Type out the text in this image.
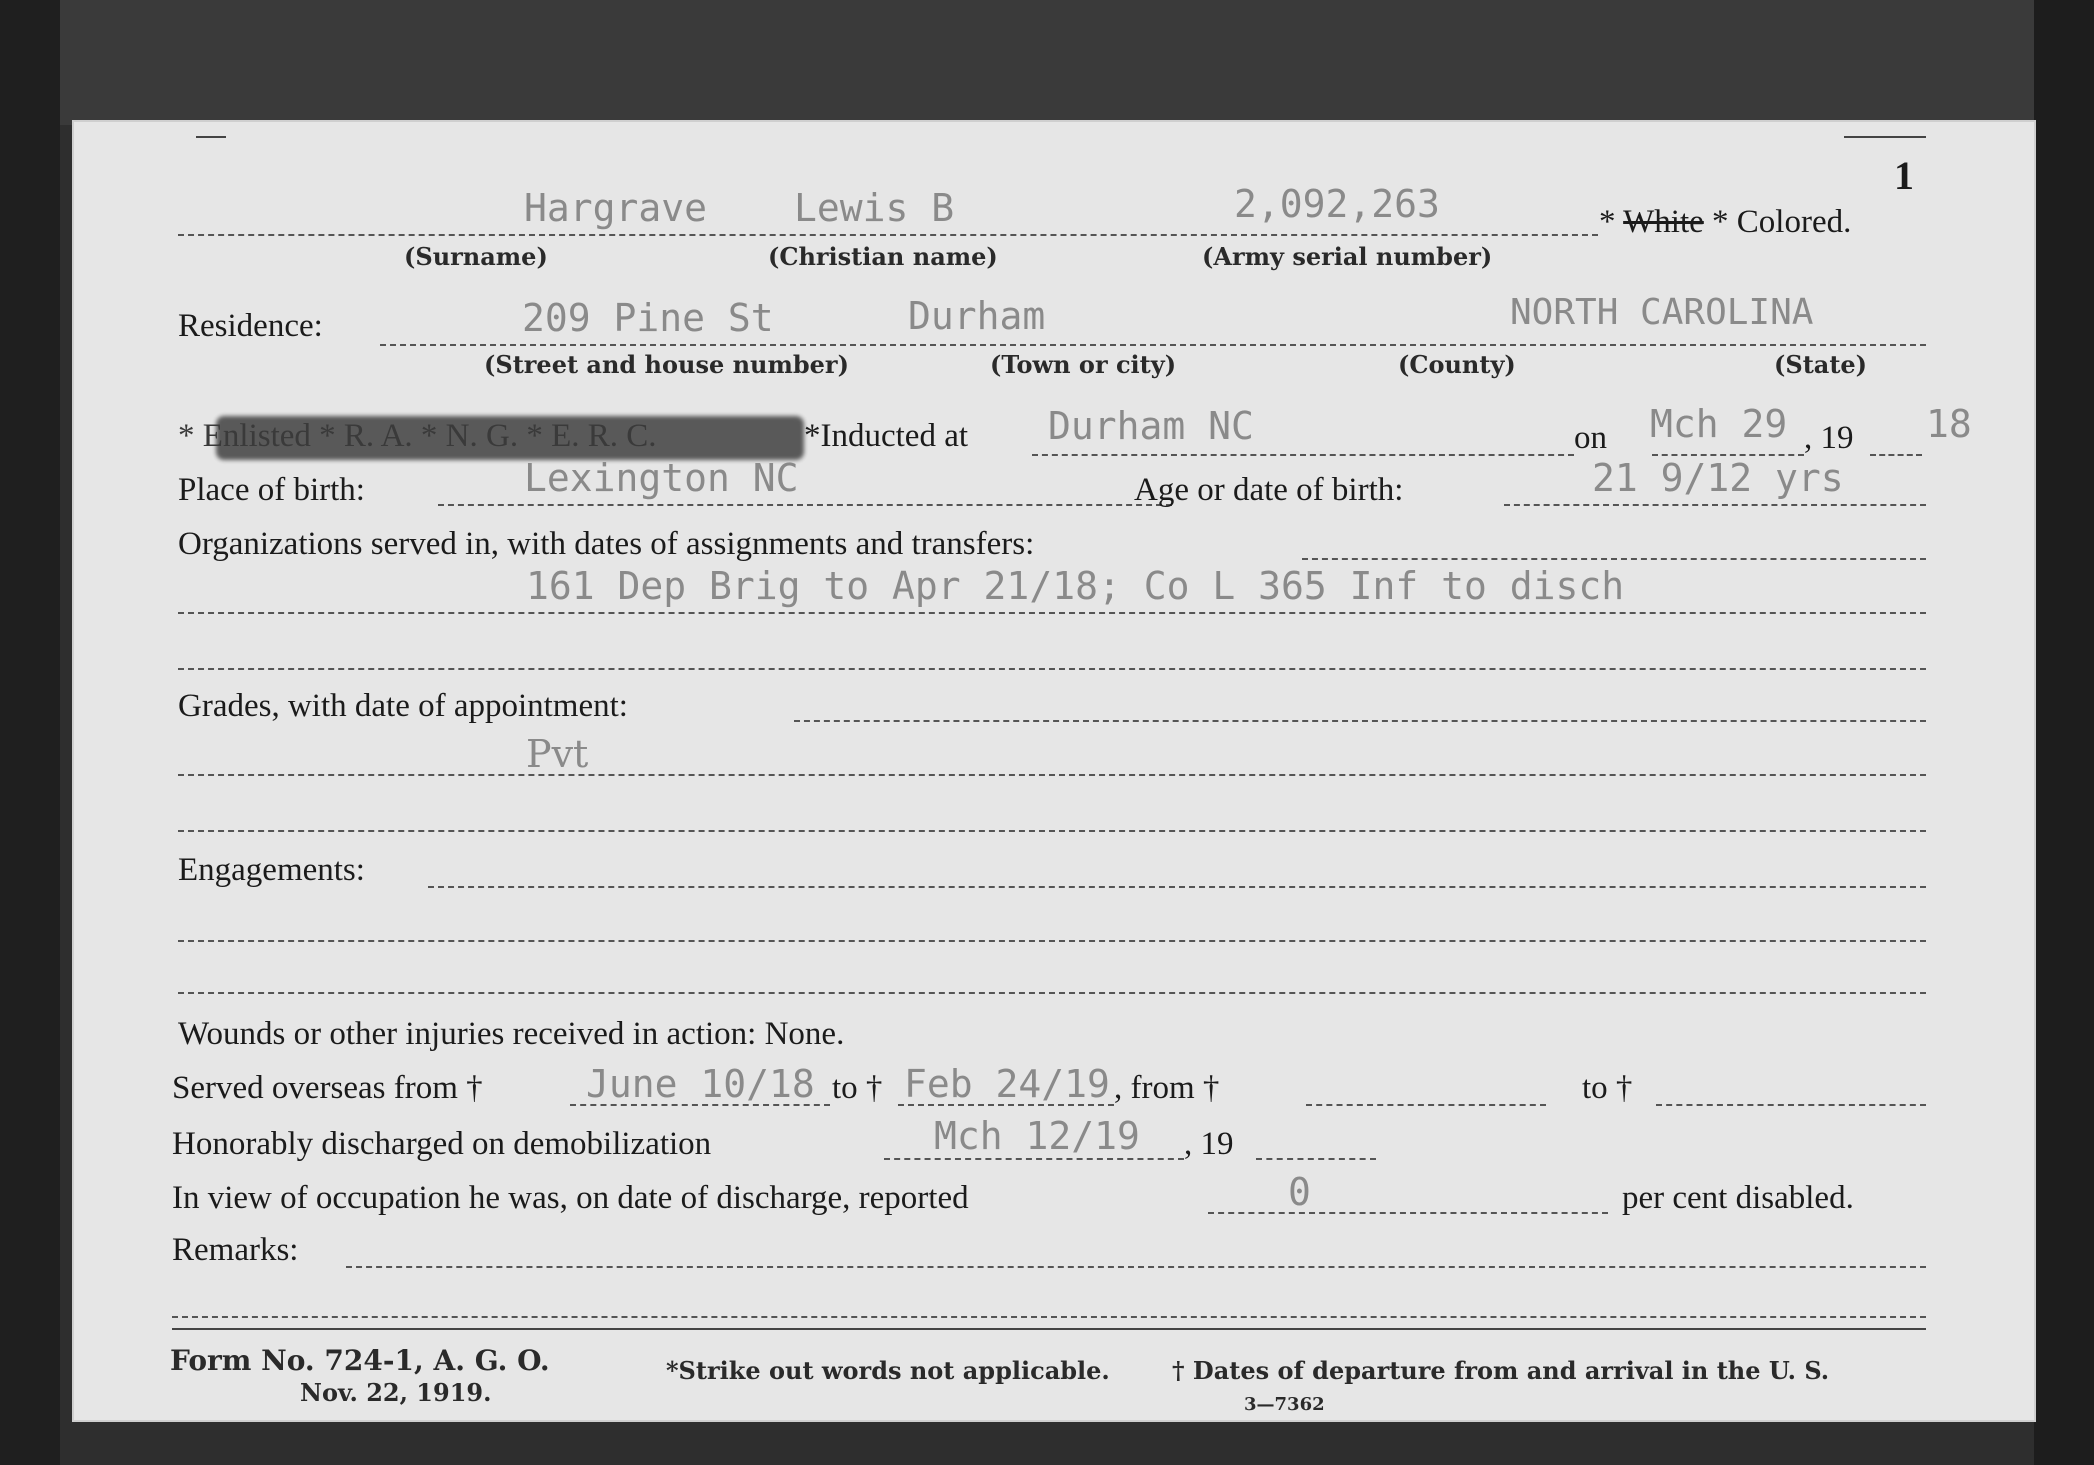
1
Hargrave Lewis B	2,092,263	* White * Colored.
(Surname)	(Christian name)	(Army serial number)
Residence:	209 Pine St	Durham	NORTH CAROLINA
(Street and house number)	(Town or city)	(County)	(State)
* Enlisted * R. A. * N. G. * E. R. C.	*Inducted at Durham NC	on Mch 29 , 19 18
Place of birth:	Lexington NC	Age or date of birth:	21 9/12 yrs
Organizations served in, with dates of assignments and transfers:
161 Dep Brig to Apr 21/18; Co L 365 Inf to disch
Grades, with date of appointment:
Pvt
Engagements:
Wounds or other injuries received in action: None.
Served overseas from †	June 10/18 to † Feb 24/19 , from †	to †
Honorably discharged on demobilization	Mch 12/19 , 19
In view of occupation he was, on date of discharge, reported	0	per cent disabled.
Remarks:
Form No. 724-1, A. G. O.
Nov. 22, 1919.
*Strike out words not applicable.	† Dates of departure from and arrival in the U. S.
3—7362
